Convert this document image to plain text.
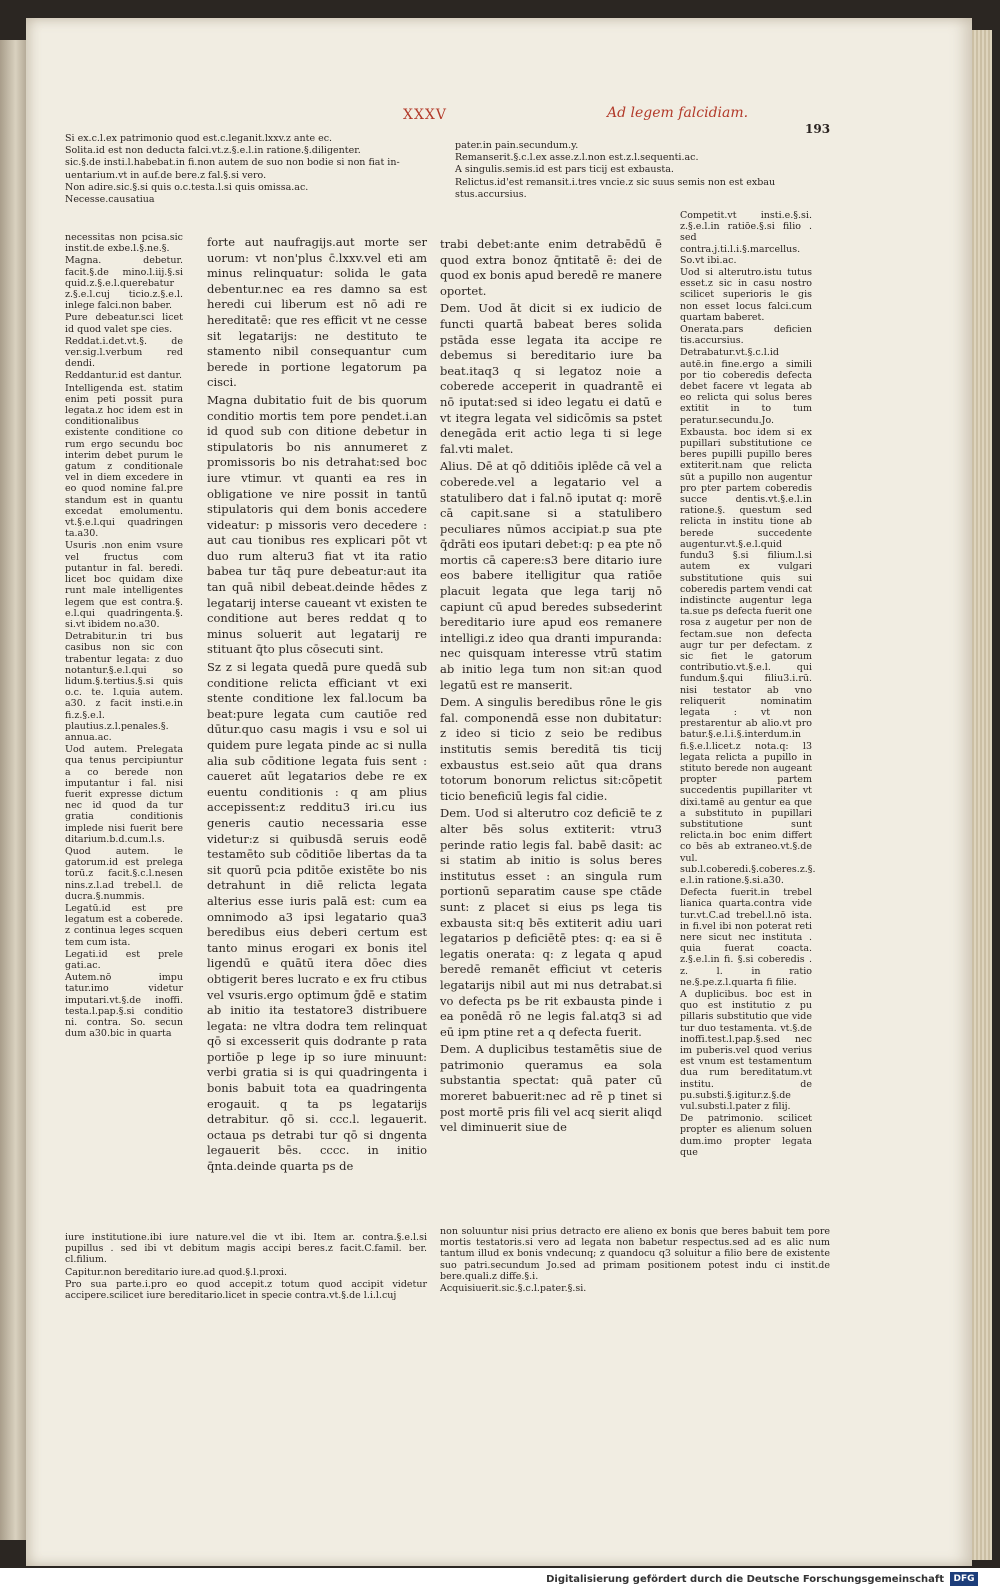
XXXV	Ad legem falcidiam.
193

Si ex.c.l.ex patrimonio quod est.c.leganit.lxxv.z ante ec.

Solita.id est non deducta falci.vt.z.§.e.l.in ratione.§.diligenter.

sic.§.de insti.l.habebat.in fi.non autem de suo non bodie si non fiat in-

uentarium.vt in auf.de bere.z fal.§.si vero.

Non adire.sic.§.si quis o.c.testa.l.si quis omissa.ac.

Necesse.causatiua

pater.in pain.secundum.y.

Remanserit.§.c.l.ex asse.z.l.non est.z.l.sequenti.ac.

A singulis.semis.id est pars ticij est exbausta.

Relictus.id'est remansit.i.tres vncie.z sic suus semis non est exbau

stus.accursius.

necessitas non pcisa.sic instit.de exbe.l.§.ne.§.

Magna. debetur. facit.§.de mino.l.iij.§.si quid.z.§.e.l.querebatur z.§.e.l.cuj ticio.z.§.e.l. inlege falci.non baber.

Pure debeatur.sci licet id quod valet spe cies.

Reddat.i.det.vt.§. de ver.sig.l.verbum red dendi.

Reddantur.id est dantur.

Intelligenda est. statim enim peti possit pura legata.z hoc idem est in conditionalibus existente conditione co rum ergo secundu boc interim debet purum le gatum z conditionale vel in diem excedere in eo quod nomine fal.pre standum est in quantu excedat emolumentu. vt.§.e.l.qui quadringen ta.a30.

Usuris .non enim vsure vel fructus com putantur in fal. beredi. licet boc quidam dixe runt male intelligentes legem que est contra.§. e.l.qui quadringenta.§. si.vt ibidem no.a30.

Detrabitur.in tri bus casibus non sic con trabentur legata: z duo notantur.§.e.l.qui so lidum.§.tertius.§.si quis o.c. te. l.quia autem. a30. z facit insti.e.in fi.z.§.e.l. plautius.z.l.penales.§. annua.ac.

Uod autem. Prelegata qua tenus percipiuntur a co berede non imputantur i fal. nisi fuerit expresse dictum nec id quod da tur gratia conditionis implede nisi fuerit bere ditarium.b.d.cum.l.s.

Quod autem. le gatorum.id est prelega torū.z facit.§.c.l.nesen nins.z.l.ad trebel.l. de ducra.§.nummis.

Legatū.id est pre legatum est a coberede. z continua leges scquen tem cum ista.

Legati.id est prele gati.ac.

Autem.nō impu tatur.imo videtur imputari.vt.§.de inoffi. testa.l.pap.§.si conditio ni. contra. So. secun dum a30.bic in quarta

forte aut naufragijs.aut morte ser uorum: vt non'plus c̄.lxxv.vel eti am minus relinquatur: solida le gata debentur.nec ea res damno sa est heredi cui liberum est nō adi re hereditatē: que res efficit vt ne cesse sit legatarijs: ne destituto te stamento nibil consequantur cum berede in portione legatorum pa cisci.

Magna dubitatio fuit de bis quorum conditio mortis tem pore pendet.i.an id quod sub con ditione debetur in stipulatoris bo nis annumeret z promissoris bo nis detrahat:sed boc iure vtimur. vt quanti ea res in obligatione ve nire possit in tantū stipulatoris qui dem bonis accedere videatur: p missoris vero decedere : aut cau tionibus res explicari pōt vt duo rum alteru3 fiat vt ita ratio babea tur tāq pure debeatur:aut ita tan quā nibil debeat.deinde hēdes z legatarij interse caueant vt existen te conditione aut beres reddat q to minus soluerit aut legatarij re stituant q̄to plus cōsecuti sint.

Sz z si legata quedā pure quedā sub conditione relicta efficiant vt exi stente conditione lex fal.locum ba beat:pure legata cum cautiōe red dūtur.quo casu magis i vsu e sol ui quidem pure legata pinde ac si nulla alia sub cōditione legata fuis sent : caueret aūt legatarios debe re ex euentu conditionis : q am plius accepissent:z redditu3 iri.cu ius generis cautio necessaria esse videtur:z si quibusdā seruis eodē testamēto sub cōditiōe libertas da ta sit quorū pcia pditōe existēte bo nis detrahunt in diē relicta legata alterius esse iuris palā est: cum ea omnimodo a3 ipsi legatario qua3 beredibus eius deberi certum est tanto minus erogari ex bonis itel ligendū e quātū itera dōec dies obtigerit beres lucrato e ex fru ctibus vel vsuris.ergo optimum ḡdē e statim ab initio ita testatore3 distribuere legata: ne vltra dodra tem relinquat qō si excesserit quis dodrante p rata portiōe p lege ip so iure minuunt: verbi gratia si is qui quadringenta i bonis babuit tota ea quadringenta erogauit. q ta ps legatarijs detrabitur. qō si. ccc.l. legauerit. octaua ps detrabi tur qō si dngenta legauerit bēs. cccc. in initio q̄nta.deinde quarta ps de

trabi debet:ante enim detrabēdū ē quod extra bonoz q̄ntitatē ē: dei de quod ex bonis apud beredē re manere oportet.

Dem. Uod āt dicit si ex iudicio de functi quartā babeat beres solida pstāda esse legata ita accipe re debemus si bereditario iure ba beat.itaq3 q si legatoz noie a coberede acceperit in quadrantē ei nō iputat:sed si ideo legatu ei datū e vt itegra legata vel sidicōmis sa pstet denegāda erit actio lega ti si lege fal.vti malet.

Alius. Dē at qō dditiōis iplēde cā vel a coberede.vel a legatario vel a statulibero dat i fal.nō iputat q: morē cā capit.sane si a statulibero peculiares nūmos accipiat.p sua pte q̄drāti eos iputari debet:q: p ea pte nō mortis cā capere:s3 bere ditario iure eos babere itelligitur qua ratiōe placuit legata que lega tarij nō capiunt cū apud beredes subsederint bereditario iure apud eos remanere intelligi.z ideo qua dranti impuranda: nec quisquam interesse vtrū statim ab initio lega tum non sit:an quod legatū est re manserit.

Dem. A singulis beredibus rōne le gis fal. componendā esse non dubitatur: z ideo si ticio z seio be redibus institutis semis bereditā tis ticij exbaustus est.seio aūt qua drans totorum bonorum relictus sit:cōpetit ticio beneficiū legis fal cidie.

Dem. Uod si alterutro coz deficiē te z alter bēs solus extiterit: vtru3 perinde ratio legis fal. babē dasit: ac si statim ab initio is solus beres institutus esset : an singula rum portionū separatim cause spe ctāde sunt: z placet si eius ps lega tis exbausta sit:q bēs extiterit adiu uari legatarios p deficiētē ptes: q: ea si ē legatis onerata: q: z legata q apud beredē remanēt efficiut vt ceteris legatarijs nibil aut mi nus detrabat.si vo defecta ps be rit exbausta pinde i ea ponēdā rō ne legis fal.atq3 si ad eū ipm ptine ret a q defecta fuerit.

Dem. A duplicibus testamētis siue de patrimonio queramus ea sola substantia spectat: quā pater cū moreret babuerit:nec ad rē p tinet si post mortē pris fili vel acq sierit aliqd vel diminuerit siue de

Competit.vt insti.e.§.si. z.§.e.l.in ratiōe.§.si filio . sed contra.j.ti.l.i.§.marcellus. So.vt ibi.ac.

Uod si alterutro.istu tutus esset.z sic in casu nostro scilicet superioris le gis non esset locus falci.cum quartam baberet.

Onerata.pars deficien tis.accursius.

Detrabatur.vt.§.c.l.id autē.in fine.ergo a simili por tio coberedis defecta debet facere vt legata ab eo relicta qui solus beres extitit in to tum peratur.secundu.Jo.

Exbausta. boc idem si ex pupillari substitutione ce beres pupilli pupillo beres extiterit.nam que relicta sūt a pupillo non augentur pro pter partem coberedis succe dentis.vt.§.e.l.in ratione.§. questum sed relicta in institu tione ab berede succedente augentur.vt.§.e.l.quid fundu3 §.si filium.l.si autem ex vulgari substitutione quis sui coberedis partem vendi cat indistincte augentur lega ta.sue ps defecta fuerit one rosa z augetur per non de fectam.sue non defecta augr tur per defectam. z sic fiet le gatorum contributio.vt.§.e.l. qui fundum.§.qui filiu3.i.rū. nisi testator ab vno reliquerit nominatim legata : vt non prestarentur ab alio.vt pro batur.§.e.l.i.§.interdum.in fi.§.e.l.licet.z nota.q: l3 legata relicta a pupillo in stituto berede non augeant propter partem succedentis pupillariter vt dixi.tamē au gentur ea que a substituto in pupillari substitutione sunt relicta.in boc enim differt co bēs ab extraneo.vt.§.de vul. sub.l.coberedi.§.coberes.z.§. e.l.in ratione.§.si.a30.

Defecta fuerit.in trebel lianica quarta.contra vide tur.vt.C.ad trebel.l.nō ista. in fi.vel ibi non poterat reti nere sicut nec instituta . quia fuerat coacta. z.§.e.l.in fi. §.si coberedis . z. l. in ratio ne.§.pe.z.l.quarta fi filie.

A duplicibus. boc est in quo est institutio z pu pillaris substitutio que vide tur duo testamenta. vt.§.de inoffi.test.l.pap.§.sed nec im puberis.vel quod verius est vnum est testamentum dua rum bereditatum.vt institu. de pu.substi.§.igitur.z.§.de vul.substi.l.pater z filij.

De patrimonio. scilicet propter es alienum soluen dum.imo propter legata que

iure institutione.ibi iure nature.vel die vt ibi. Item ar. contra.§.e.l.si pupillus . sed ibi vt debitum magis accipi beres.z facit.C.famil. ber. cl.filium.

Capitur.non bereditario iure.ad quod.§.l.proxi.

Pro sua parte.i.pro eo quod accepit.z totum quod accipit videtur accipere.scilicet iure bereditario.licet in specie contra.vt.§.de l.i.l.cuj

non soluuntur nisi prius detracto ere alieno ex bonis que beres babuit tem pore mortis testatoris.si vero ad legata non babetur respectus.sed ad es alic num tantum illud ex bonis vndecunq; z quandocu q3 soluitur a filio bere de existente suo patri.secundum Jo.sed ad primam positionem potest indu ci instit.de bere.quali.z diffe.§.i.

Acquisiuerit.sic.§.c.l.pater.§.si.

Digitalisierung gefördert durch die Deutsche Forschungsgemeinschaft	DFG
